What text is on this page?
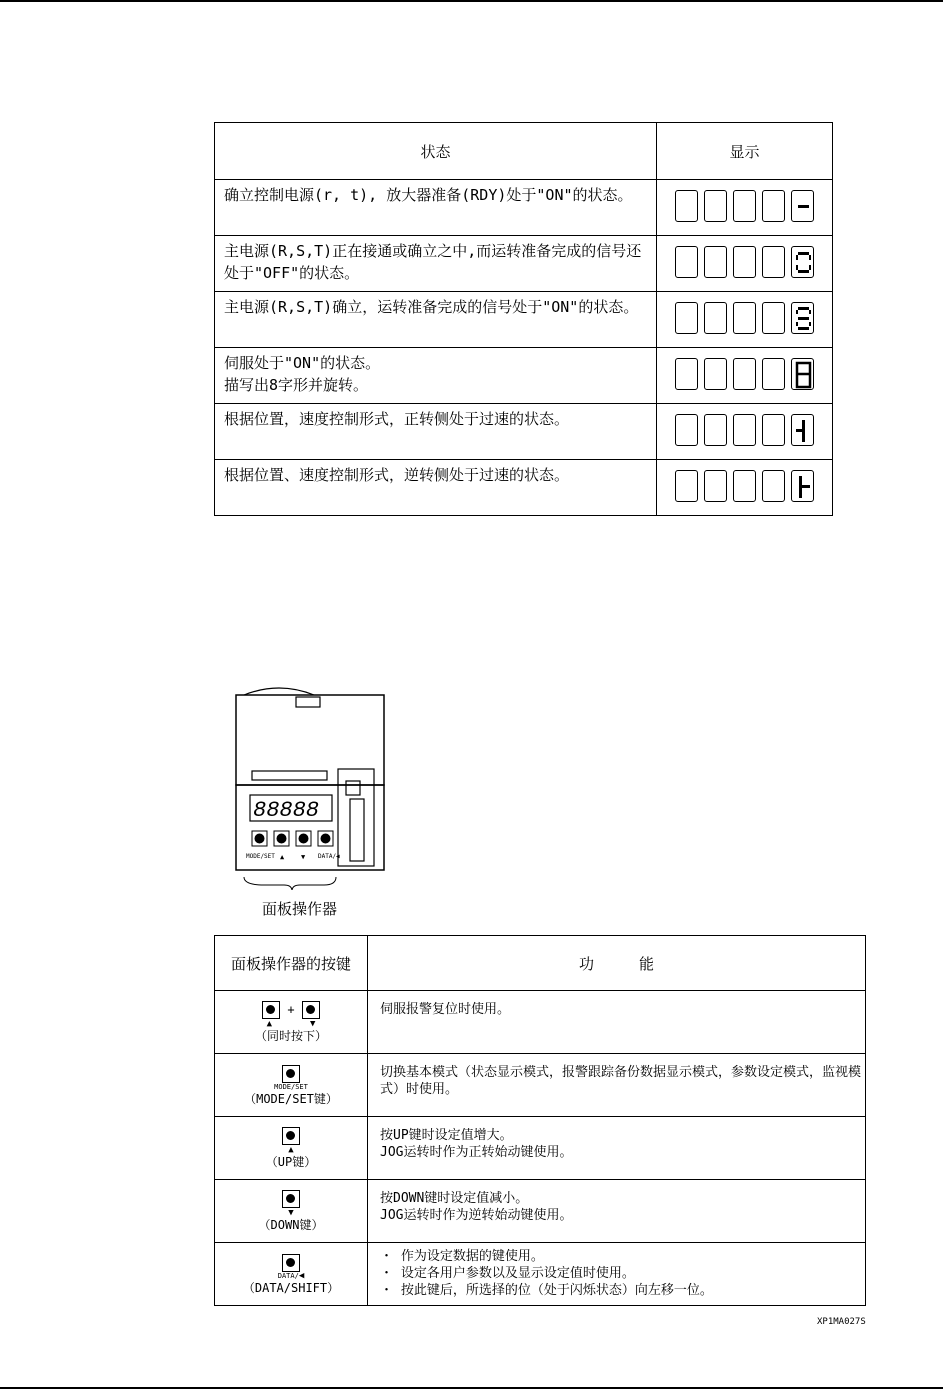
状态	显示
确立控制电源(r, t), 放大器准备(RDY)处于"ON"的状态。	

主电源(R,S,T)正在接通或确立之中,而运转准备完成的信号还处于"OFF"的状态。	

主电源(R,S,T)确立，运转准备完成的信号处于"ON"的状态。	

伺服处于"ON"的状态。
描写出8字形并旋转。	

根据位置，速度控制形式，正转侧处于过速的状态。	

根据位置、速度控制形式，逆转侧处于过速的状态。	
88888
MODE/SET ▲ ▼ DATA/◀
面板操作器
面板操作器的按键	功　　　能
+
▲ ▼
（同时按下）	伺服报警复位时使用。

MODE/SET
（MODE/SET键）	切换基本模式（状态显示模式，报警跟踪备份数据显示模式，参数设定模式，监视模式）时使用。

▲
（UP键）	按UP键时设定值增大。
JOG运转时作为正转始动键使用。

▼
（DOWN键）	按DOWN键时设定值减小。
JOG运转时作为逆转始动键使用。

DATA/◀
（DATA/SHIFT）	・ 作为设定数据的键使用。
・ 设定各用户参数以及显示设定值时使用。
・ 按此键后，所选择的位（处于闪烁状态）向左移一位。
XP1MA027S
